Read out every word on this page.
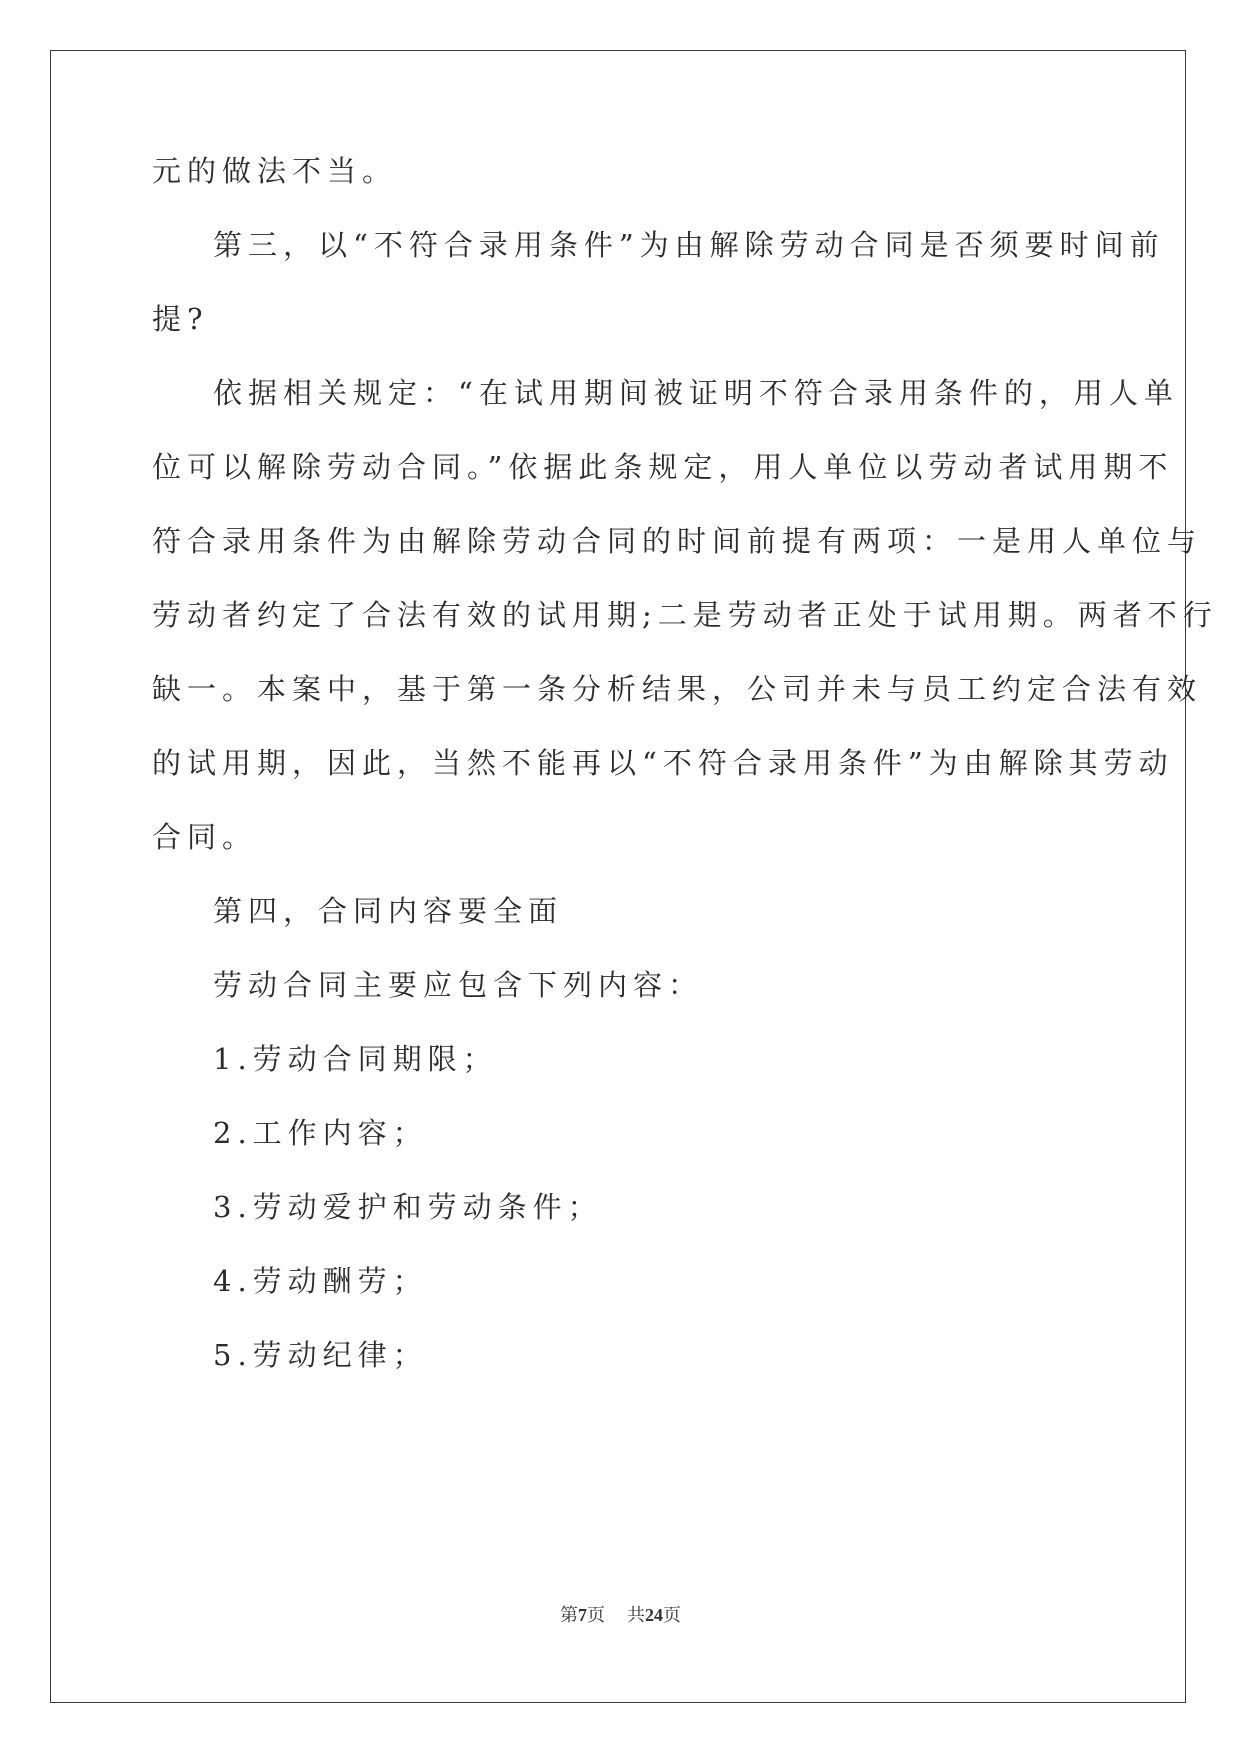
元的做法不当。

第三，以“不符合录用条件”为由解除劳动合同是否须要时间前

提?

依据相关规定：“在试用期间被证明不符合录用条件的，用人单

位可以解除劳动合同。”依据此条规定，用人单位以劳动者试用期不

符合录用条件为由解除劳动合同的时间前提有两项：一是用人单位与

劳动者约定了合法有效的试用期;二是劳动者正处于试用期。两者不行

缺一。本案中，基于第一条分析结果，公司并未与员工约定合法有效

的试用期，因此，当然不能再以“不符合录用条件”为由解除其劳动

合同。

第四，合同内容要全面

劳动合同主要应包含下列内容：

1.劳动合同期限；

2.工作内容；

3.劳动爱护和劳动条件；

4.劳动酬劳；

5.劳动纪律；

第7页 共24页
